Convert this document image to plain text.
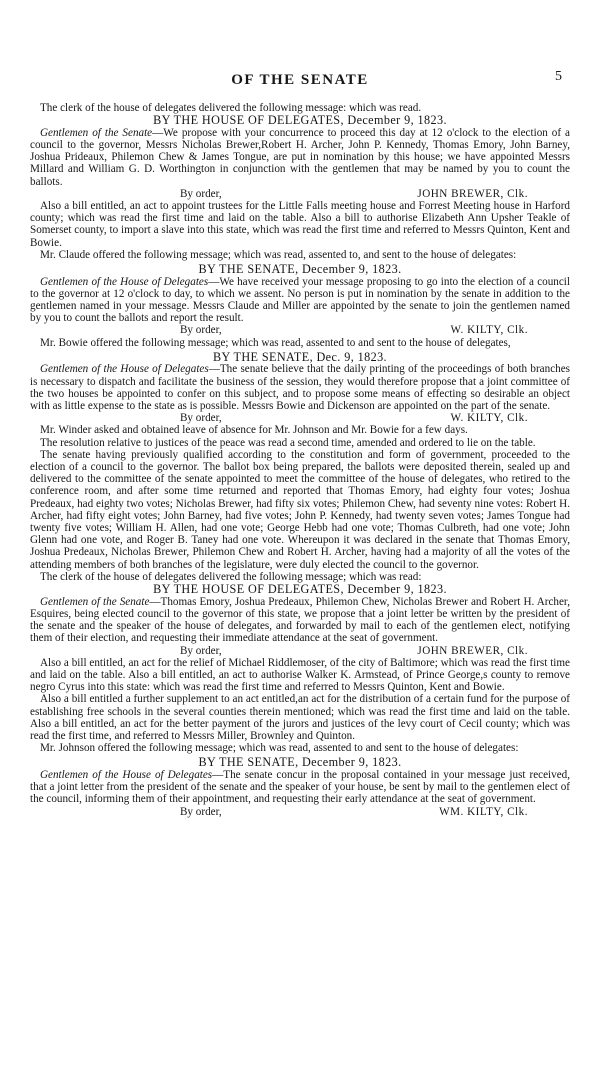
OF THE SENATE	5

The clerk of the house of delegates delivered the following message: which was read.

BY THE HOUSE OF DELEGATES, December 9, 1823.

Gentlemen of the Senate—We propose with your concurrence to proceed this day at 12 o'clock to the election of a council to the governor, Messrs Nicholas Brewer,Robert H. Archer, John P. Kennedy, Thomas Emory, John Barney, Joshua Prideaux, Philemon Chew & James Tongue, are put in nomination by this house; we have appointed Messrs Millard and William G. D. Worthington in conjunction with the gentlemen that may be named by you to count the ballots.

By order,	JOHN BREWER, Clk.

Also a bill entitled, an act to appoint trustees for the Little Falls meeting house and Forrest Meeting house in Harford county; which was read the first time and laid on the table. Also a bill to authorise Elizabeth Ann Upsher Teakle of Somerset county, to import a slave into this state, which was read the first time and referred to Messrs Quinton, Kent and Bowie.

Mr. Claude offered the following message; which was read, assented to, and sent to the house of delegates:

BY THE SENATE, December 9, 1823.

Gentlemen of the House of Delegates—We have received your message proposing to go into the election of a council to the governor at 12 o'clock to day, to which we assent. No person is put in nomination by the senate in addition to the gentlemen named in your message. Messrs Claude and Miller are appointed by the senate to join the gentlemen named by you to count the ballots and report the result.

By order,	W. KILTY, Clk.

Mr. Bowie offered the following message; which was read, assented to and sent to the house of delegates,

BY THE SENATE, Dec. 9, 1823.

Gentlemen of the House of Delegates—The senate believe that the daily printing of the proceedings of both branches is necessary to dispatch and facilitate the business of the session, they would therefore propose that a joint committee of the two houses be appointed to confer on this subject, and to propose some means of effecting so desirable an object with as little expense to the state as is possible. Messrs Bowie and Dickenson are appointed on the part of the senate.

By order,	W. KILTY, Clk.

Mr. Winder asked and obtained leave of absence for Mr. Johnson and Mr. Bowie for a few days.

The resolution relative to justices of the peace was read a second time, amended and ordered to lie on the table.

The senate having previously qualified according to the constitution and form of government, proceeded to the election of a council to the governor. The ballot box being prepared, the ballots were deposited therein, sealed up and delivered to the committee of the senate appointed to meet the committee of the house of delegates, who retired to the conference room, and after some time returned and reported that Thomas Emory, had eighty four votes; Joshua Predeaux, had eighty two votes; Nicholas Brewer, had fifty six votes; Philemon Chew, had seventy nine votes: Robert H. Archer, had fifty eight votes; John Barney, had five votes; John P. Kennedy, had twenty seven votes; James Tongue had twenty five votes; William H. Allen, had one vote; George Hebb had one vote; Thomas Culbreth, had one vote; John Glenn had one vote, and Roger B. Taney had one vote. Whereupon it was declared in the senate that Thomas Emory, Joshua Predeaux, Nicholas Brewer, Philemon Chew and Robert H. Archer, having had a majority of all the votes of the attending members of both branches of the legislature, were duly elected the council to the governor.

The clerk of the house of delegates delivered the following message; which was read:

BY THE HOUSE OF DELEGATES, December 9, 1823.

Gentlemen of the Senate—Thomas Emory, Joshua Predeaux, Philemon Chew, Nicholas Brewer and Robert H. Archer, Esquires, being elected council to the governor of this state, we propose that a joint letter be written by the president of the senate and the speaker of the house of delegates, and forwarded by mail to each of the gentlemen elect, notifying them of their election, and requesting their immediate attendance at the seat of government.

By order,	JOHN BREWER, Clk.

Also a bill entitled, an act for the relief of Michael Riddlemoser, of the city of Baltimore; which was read the first time and laid on the table. Also a bill entitled, an act to authorise Walker K. Armstead, of Prince George,s county to remove negro Cyrus into this state: which was read the first time and referred to Messrs Quinton, Kent and Bowie.

Also a bill entitled a further supplement to an act entitled,an act for the distribution of a certain fund for the purpose of establishing free schools in the several counties therein mentioned; which was read the first time and laid on the table. Also a bill entitled, an act for the better payment of the jurors and justices of the levy court of Cecil county; which was read the first time, and referred to Messrs Miller, Brownley and Quinton.

Mr. Johnson offered the following message; which was read, assented to and sent to the house of delegates:

BY THE SENATE, December 9, 1823.

Gentlemen of the House of Delegates—The senate concur in the proposal contained in your message just received, that a joint letter from the president of the senate and the speaker of your house, be sent by mail to the gentlemen elect of the council, informing them of their appointment, and requesting their early attendance at the seat of government.

By order,	WM. KILTY, Clk.
